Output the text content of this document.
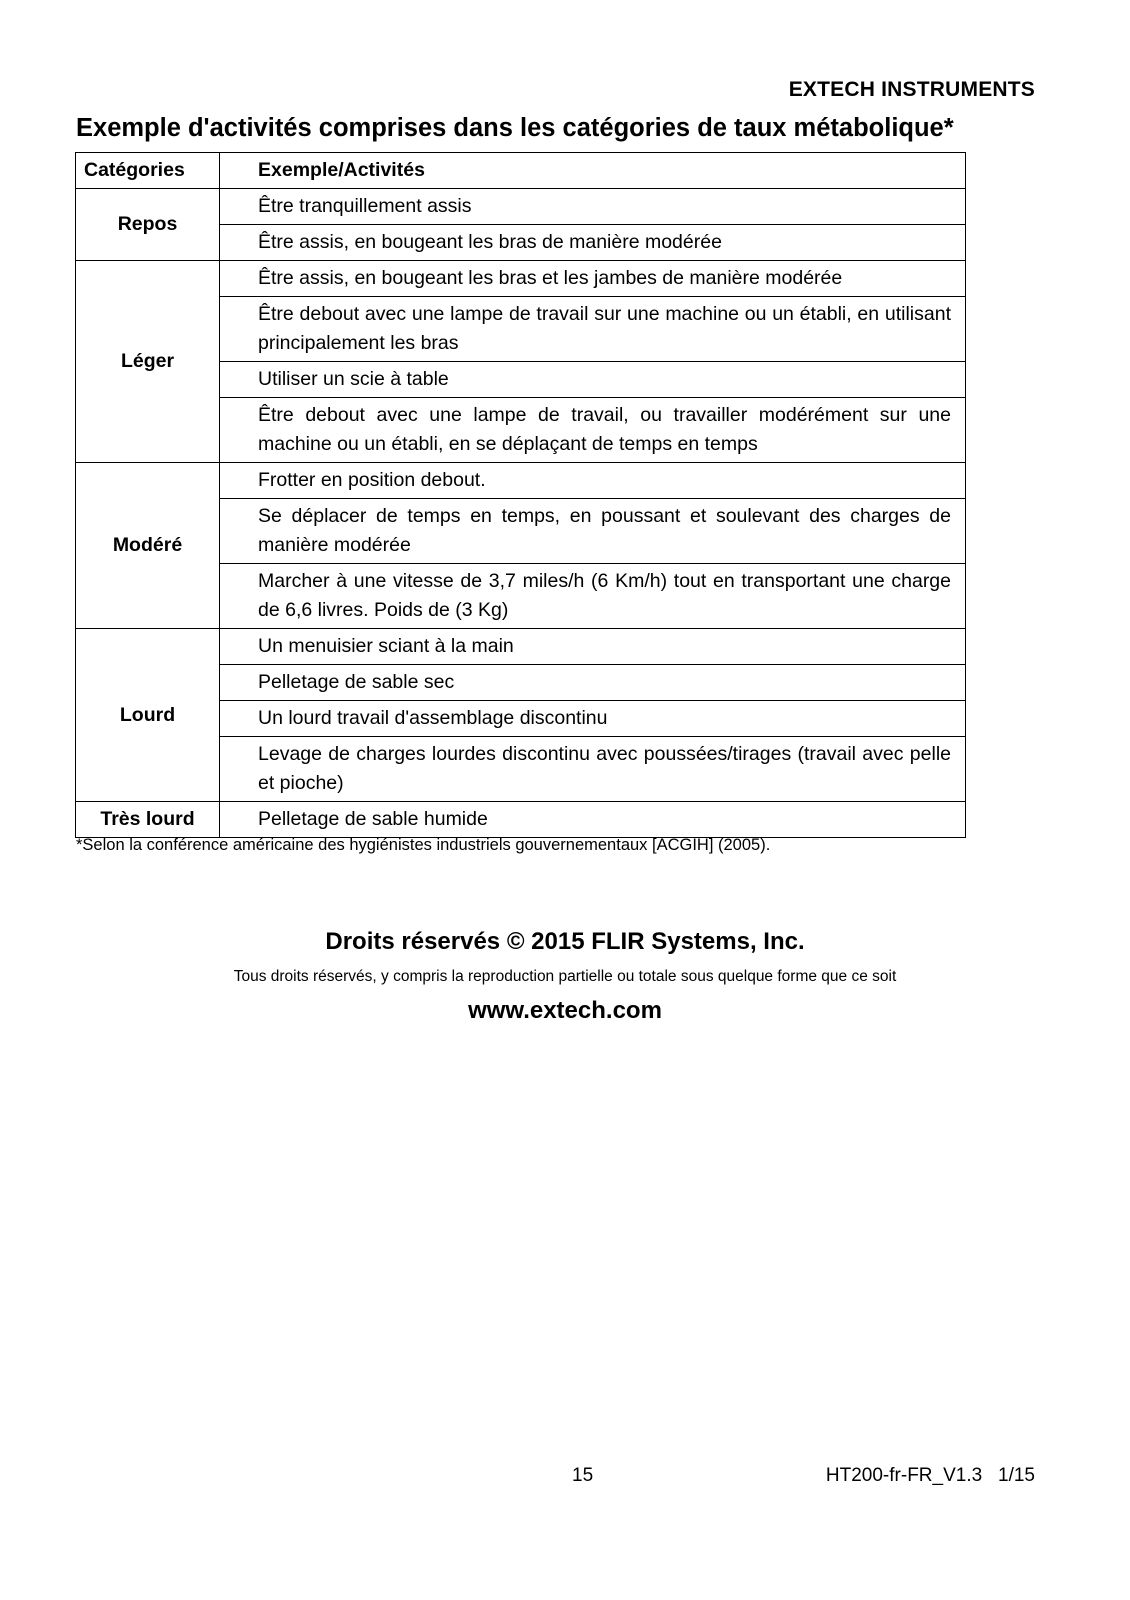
EXTECH INSTRUMENTS
Exemple d'activités comprises dans les catégories de taux métabolique*
Catégories	Exemple/Activités
Repos	Être tranquillement assis
	Être assis, en bougeant les bras de manière modérée
Léger	Être assis, en bougeant les bras et les jambes de manière modérée
	Être debout avec une lampe de travail sur une machine ou un établi, en utilisant principalement les bras
	Utiliser un scie à table
	Être debout avec une lampe de travail, ou travailler modérément sur une machine ou un établi, en se déplaçant de temps en temps
Modéré	Frotter en position debout.
	Se déplacer de temps en temps, en poussant et soulevant des charges de manière modérée
	Marcher à une vitesse de 3,7 miles/h (6 Km/h) tout en transportant une charge de 6,6 livres. Poids de (3 Kg)
Lourd	Un menuisier sciant à la main
	Pelletage de sable sec
	Un lourd travail d'assemblage discontinu
	Levage de charges lourdes discontinu avec poussées/tirages (travail avec pelle et pioche)
Très lourd	Pelletage de sable humide
*Selon la conférence américaine des hygiénistes industriels gouvernementaux [ACGIH] (2005).
Droits réservés © 2015 FLIR Systems, Inc.
Tous droits réservés, y compris la reproduction partielle ou totale sous quelque forme que ce soit
www.extech.com
15	HT200-fr-FR_V1.3   1/15
